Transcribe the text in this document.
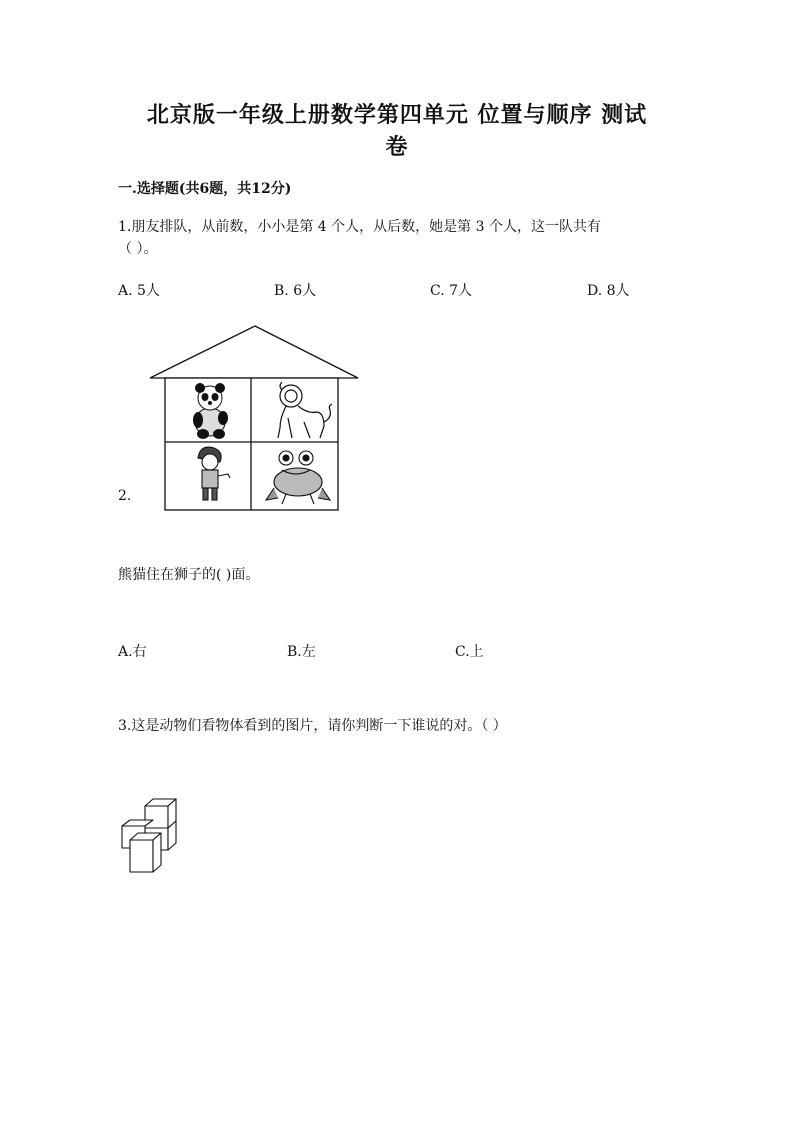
北京版一年级上册数学第四单元 位置与顺序 测试
卷
一.选择题(共6题，共12分)
1.朋友排队，从前数，小小是第 4 个人，从后数，她是第 3 个人，这一队共有
（ ）。
A. 5人	B. 6人	C. 7人	D. 8人
2.
熊猫住在狮子的( )面。
A.右	B.左	C.上
3.这是动物们看物体看到的图片，请你判断一下谁说的对。（ ）
